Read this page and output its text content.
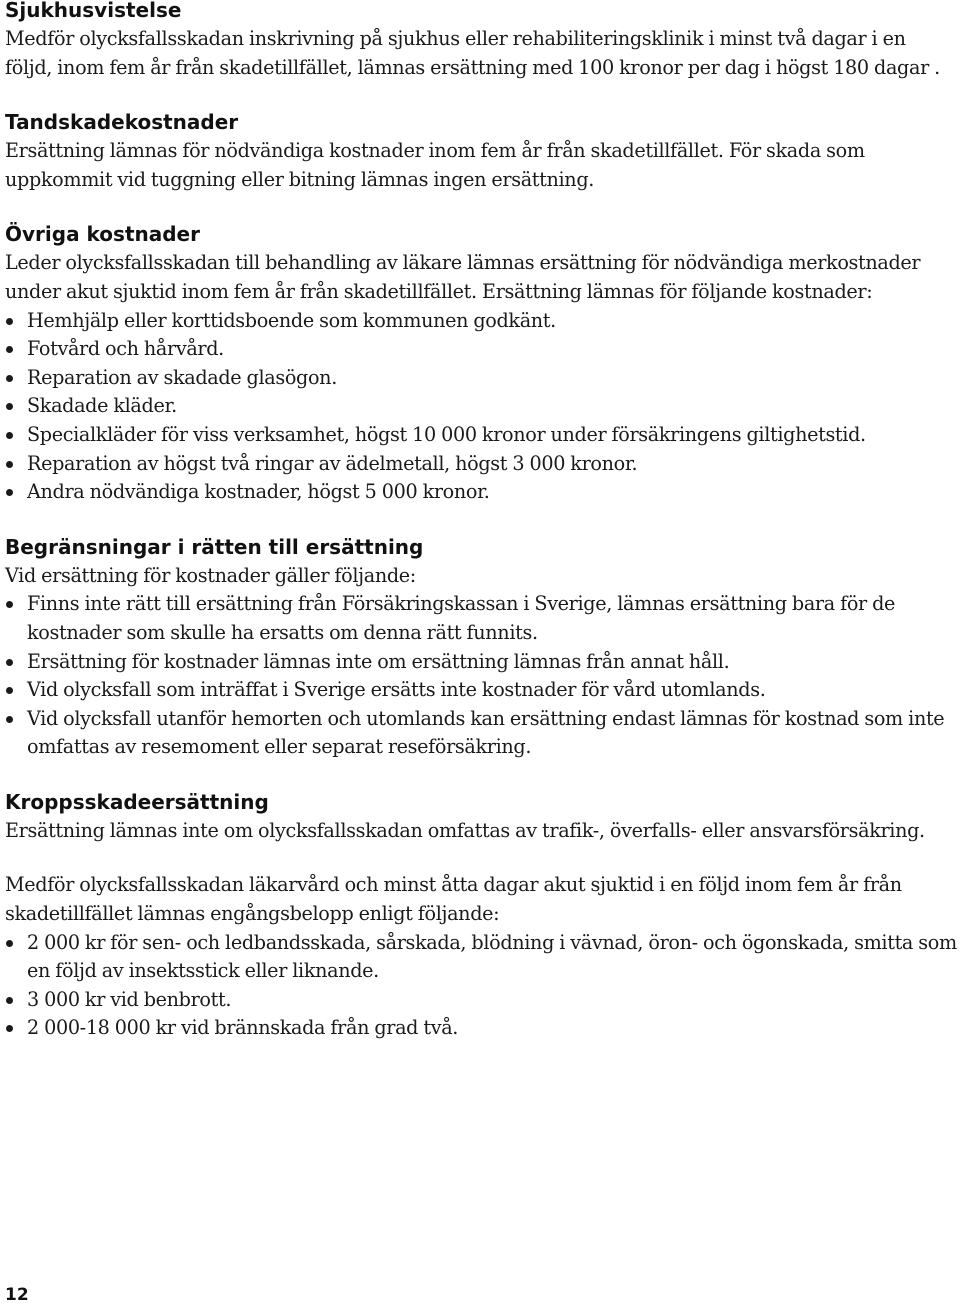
Sjukhusvistelse

Medför olycksfallsskadan inskrivning på sjukhus eller rehabiliteringsklinik i minst två dagar i en följd, inom fem år från skadetillfället, lämnas ersättning med 100 kronor per dag i högst 180 dagar .

Tandskadekostnader

Ersättning lämnas för nödvändiga kostnader inom fem år från skadetillfället. För skada som uppkommit vid tuggning eller bitning lämnas ingen ersättning.

Övriga kostnader

Leder olycksfallsskadan till behandling av läkare lämnas ersättning för nödvändiga merkostnader under akut sjuktid inom fem år från skadetillfället. Ersättning lämnas för följande kostnader:

Hemhjälp eller korttidsboende som kommunen godkänt.
Fotvård och hårvård.
Reparation av skadade glasögon.
Skadade kläder.
Specialkläder för viss verksamhet, högst 10 000 kronor under försäkringens giltighetstid.
Reparation av högst två ringar av ädelmetall, högst 3 000 kronor.
Andra nödvändiga kostnader, högst 5 000 kronor.
Begränsningar i rätten till ersättning

Vid ersättning för kostnader gäller följande:

Finns inte rätt till ersättning från Försäkringskassan i Sverige, lämnas ersättning bara för de kostnader som skulle ha ersatts om denna rätt funnits.
Ersättning för kostnader lämnas inte om ersättning lämnas från annat håll.
Vid olycksfall som inträffat i Sverige ersätts inte kostnader för vård utomlands.
Vid olycksfall utanför hemorten och utomlands kan ersättning endast lämnas för kostnad som inte omfattas av resemoment eller separat reseförsäkring.
Kroppsskadeersättning

Ersättning lämnas inte om olycksfallsskadan omfattas av trafik-, överfalls- eller ansvarsförsäkring.

Medför olycksfallsskadan läkarvård och minst åtta dagar akut sjuktid i en följd inom fem år från skadetillfället lämnas engångsbelopp enligt följande:

2 000 kr för sen- och ledbandsskada, sårskada, blödning i vävnad, öron- och ögonskada, smitta som en följd av insektsstick eller liknande.
3 000 kr vid benbrott.
2 000-18 000 kr vid brännskada från grad två.
12
